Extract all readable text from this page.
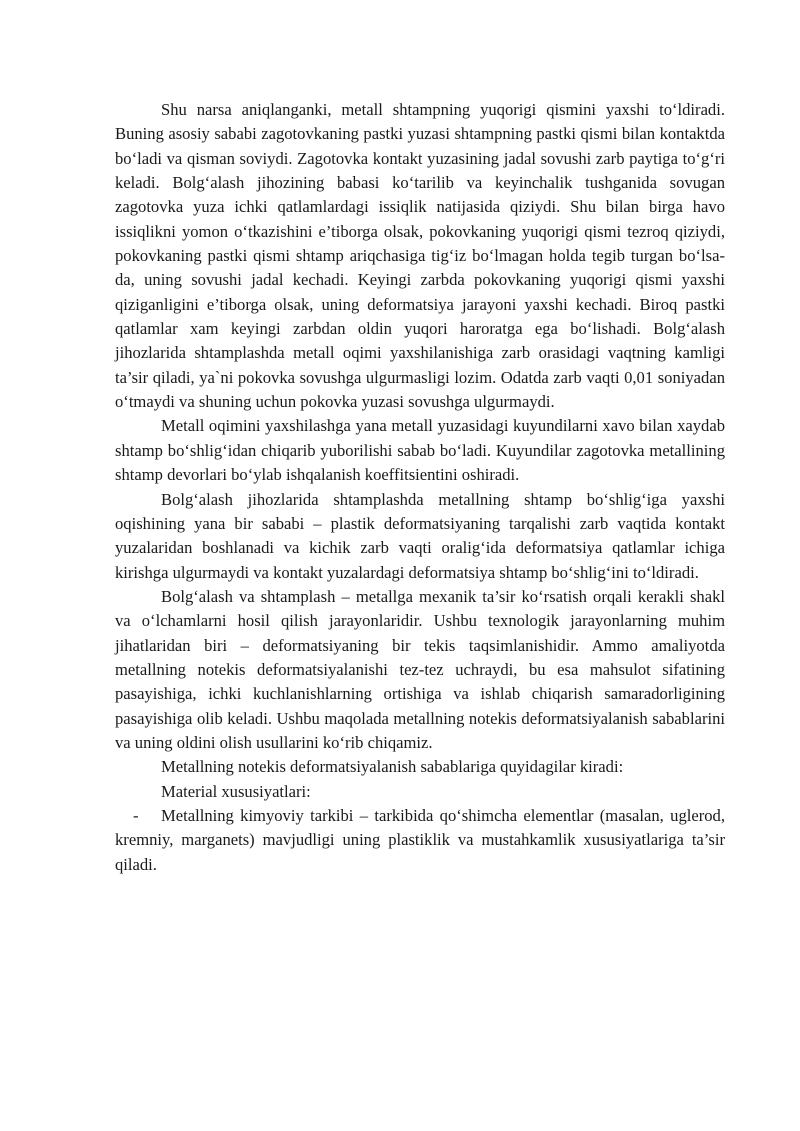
Shu narsa aniqlanganki, metall shtampning yuqorigi qismini yaxshi to‘ldiradi. Buning asosiy sababi zagotovkaning pastki yuzasi shtampning pastki qismi bilan kontaktda bo‘ladi va qisman soviydi. Zagotovka kontakt yuzasining jadal sovushi zarb paytiga to‘g‘ri keladi. Bolg‘alash jihozining babasi ko‘tarilib va keyinchalik tushganida sovugan zagotovka yuza ichki qatlamlardagi issiqlik natijasida qiziydi. Shu bilan birga havo issiqlikni yomon o‘tkazishini e’tiborga olsak, pokovkaning yuqorigi qismi tezroq qiziydi, pokovkaning pastki qismi shtamp ariqchasiga tig‘iz bo‘lmagan holda tegib turgan bo‘lsa-da, uning sovushi jadal kechadi. Keyingi zarbda pokovkaning yuqorigi qismi yaxshi qiziganligini e’tiborga olsak, uning deformatsiya jarayoni yaxshi kechadi. Biroq pastki qatlamlar xam keyingi zarbdan oldin yuqori haroratga ega bo‘lishadi. Bolg‘alash jihozlarida shtamplashda metall oqimi yaxshilanishiga zarb orasidagi vaqtning kamligi ta’sir qiladi, ya`ni pokovka sovushga ulgurmasligi lozim. Odatda zarb vaqti 0,01 soniyadan o‘tmaydi va shuning uchun pokovka yuzasi sovushga ulgurmaydi.

Metall oqimini yaxshilashga yana metall yuzasidagi kuyundilarni xavo bilan xaydab shtamp bo‘shlig‘idan chiqarib yuborilishi sabab bo‘ladi. Kuyundilar zagotovka metallining shtamp devorlari bo‘ylab ishqalanish koeffitsientini oshiradi.

Bolg‘alash jihozlarida shtamplashda metallning shtamp bo‘shlig‘iga yaxshi oqishining yana bir sababi – plastik deformatsiyaning tarqalishi zarb vaqtida kontakt yuzalaridan boshlanadi va kichik zarb vaqti oralig‘ida deformatsiya qatlamlar ichiga kirishga ulgurmaydi va kontakt yuzalardagi deformatsiya shtamp bo‘shlig‘ini to‘ldiradi.

Bolg‘alash va shtamplash – metallga mexanik ta’sir ko‘rsatish orqali kerakli shakl va o‘lchamlarni hosil qilish jarayonlaridir. Ushbu texnologik jarayonlarning muhim jihatlaridan biri – deformatsiyaning bir tekis taqsimlanishidir. Ammo amaliyotda metallning notekis deformatsiyalanishi tez-tez uchraydi, bu esa mahsulot sifatining pasayishiga, ichki kuchlanishlarning ortishiga va ishlab chiqarish samaradorligining pasayishiga olib keladi. Ushbu maqolada metallning notekis deformatsiyalanish sabablarini va uning oldini olish usullarini ko‘rib chiqamiz.

Metallning notekis deformatsiyalanish sabablariga quyidagilar kiradi:

Material xususiyatlari:

- Metallning kimyoviy tarkibi – tarkibida qo‘shimcha elementlar (masalan, uglerod, kremniy, marganets) mavjudligi uning plastiklik va mustahkamlik xususiyatlariga ta’sir qiladi.
